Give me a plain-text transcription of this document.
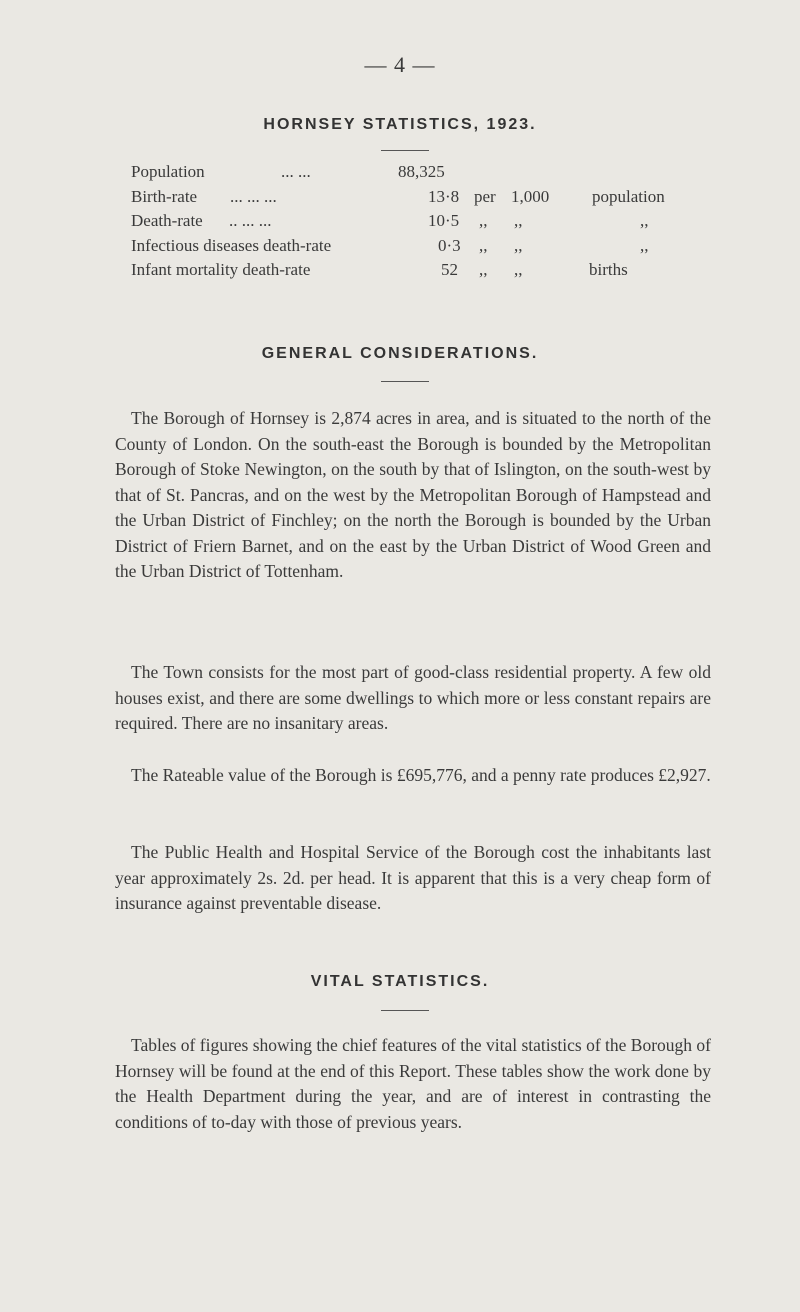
— 4 —
HORNSEY STATISTICS, 1923.
Population	... ...	88,325
Birth-rate ... ... ...	13·8 per 1,000	population
Death-rate .. ... ...	10·5 ,, ,,	,,
Infectious diseases death-rate	0·3 ,, ,,	,,
Infant mortality death-rate	52 ,, ,,	births
GENERAL CONSIDERATIONS.

The Borough of Hornsey is 2,874 acres in area, and is situated to the north of the County of London. On the south-east the Borough is bounded by the Metropolitan Borough of Stoke Newington, on the south by that of Islington, on the south-west by that of St. Pancras, and on the west by the Metropolitan Borough of Hampstead and the Urban District of Finchley; on the north the Borough is bounded by the Urban District of Friern Barnet, and on the east by the Urban District of Wood Green and the Urban District of Tottenham.

The Town consists for the most part of good-class residential property. A few old houses exist, and there are some dwellings to which more or less constant repairs are required. There are no insanitary areas.

The Rateable value of the Borough is £695,776, and a penny rate produces £2,927.

The Public Health and Hospital Service of the Borough cost the inhabitants last year approximately 2s. 2d. per head. It is apparent that this is a very cheap form of insurance against preventable disease.

VITAL STATISTICS.

Tables of figures showing the chief features of the vital statistics of the Borough of Hornsey will be found at the end of this Report. These tables show the work done by the Health Department during the year, and are of interest in contrasting the conditions of to-day with those of previous years.
